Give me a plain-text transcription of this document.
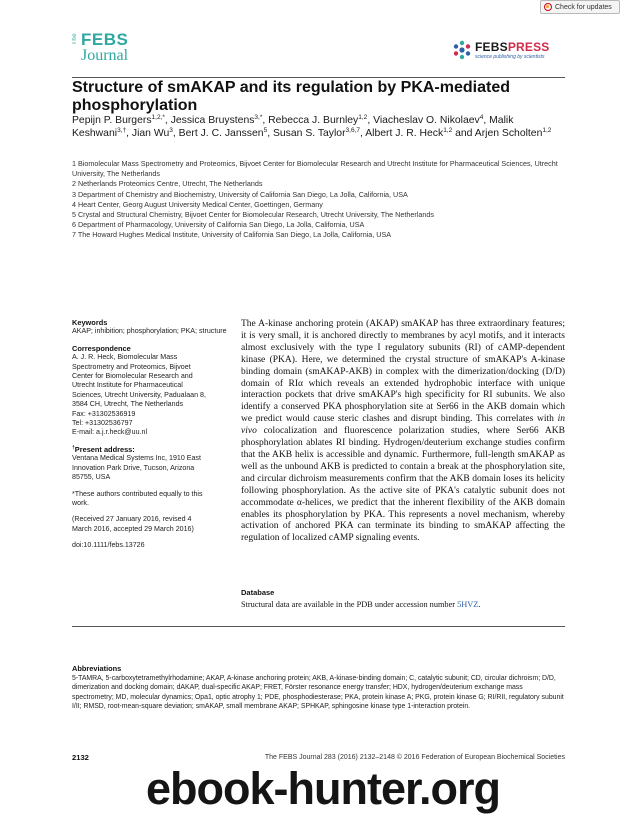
Check for updates
The FEBS
Journal	FEBSPRESS
science publishing by scientists
Structure of smAKAP and its regulation by PKA-mediated phosphorylation
Pepijn P. Burgers$^{1,2,*}$, Jessica Bruystens$^{3,*}$, Rebecca J. Burnley$^{1,2}$, Viacheslav O. Nikolaev$^4$, Malik Keshwani$^{3,\dagger}$, Jian Wu$^3$, Bert J. C. Janssen$^5$, Susan S. Taylor$^{3,6,7}$, Albert J. R. Heck$^{1,2}$ and Arjen Scholten$^{1,2}$
1 Biomolecular Mass Spectrometry and Proteomics, Bijvoet Center for Biomolecular Research and Utrecht Institute for Pharmaceutical Sciences, Utrecht University, The Netherlands
2 Netherlands Proteomics Centre, Utrecht, The Netherlands
3 Department of Chemistry and Biochemistry, University of California San Diego, La Jolla, California, USA
4 Heart Center, Georg August University Medical Center, Goettingen, Germany
5 Crystal and Structural Chemistry, Bijvoet Center for Biomolecular Research, Utrecht University, The Netherlands
6 Department of Pharmacology, University of California San Diego, La Jolla, California, USA
7 The Howard Hughes Medical Institute, University of California San Diego, La Jolla, California, USA
Keywords
AKAP; inhibition; phosphorylation; PKA; structure
Correspondence
A. J. R. Heck, Biomolecular Mass
Spectrometry and Proteomics, Bijvoet
Center for Biomolecular Research and
Utrecht Institute for Pharmaceutical
Sciences, Utrecht University, Padualaan 8,
3584 CH, Utrecht, The Netherlands
Fax: +31302536919
Tel: +31302536797
E-mail: a.j.r.heck@uu.nl
†Present address:
Ventana Medical Systems Inc, 1910 East
Innovation Park Drive, Tucson, Arizona
85755, USA
*These authors contributed equally to this
work.
(Received 27 January 2016, revised 4
March 2016, accepted 29 March 2016)
doi:10.1111/febs.13726
The A-kinase anchoring protein (AKAP) smAKAP has three extraordinary features; it is very small, it is anchored directly to membranes by acyl motifs, and it interacts almost exclusively with the type I regulatory subunits (RI) of cAMP-dependent kinase (PKA). Here, we determined the crystal structure of smAKAP's A-kinase binding domain (smAKAP-AKB) in complex with the dimerization/docking (D/D) domain of RIα which reveals an extended hydrophobic interface with unique interaction pockets that drive smAKAP's high specificity for RI subunits. We also identify a conserved PKA phosphorylation site at Ser66 in the AKB domain which we predict would cause steric clashes and disrupt binding. This correlates with in vivo colocalization and fluorescence polarization studies, where Ser66 AKB phosphorylation ablates RI binding. Hydrogen/deuterium exchange studies confirm that the AKB helix is accessible and dynamic. Furthermore, full-length smAKAP as well as the unbound AKB is predicted to contain a break at the phosphorylation site, and circular dichroism measurements confirm that the AKB domain loses its helicity following phosphorylation. As the active site of PKA's catalytic subunit does not accommodate α-helices, we predict that the inherent flexibility of the AKB domain enables its phosphorylation by PKA. This represents a novel mechanism, whereby activation of anchored PKA can terminate its binding to smAKAP affecting the regulation of localized cAMP signaling events.
Database
Structural data are available in the PDB under accession number 5HVZ.
Abbreviations
5-TAMRA, 5-carboxytetramethylrhodamine; AKAP, A-kinase anchoring protein; AKB, A-kinase-binding domain; C, catalytic subunit; CD, circular dichroism; D/D, dimerization and docking domain; dAKAP, dual-specific AKAP; FRET, Förster resonance energy transfer; HDX, hydrogen/deuterium exchange mass spectrometry; MD, molecular dynamics; Opa1, optic atrophy 1; PDE, phosphodiesterase; PKA, protein kinase A; PKG, protein kinase G; RI/RII, regulatory subunit I/II; RMSD, root-mean-square deviation; smAKAP, small membrane AKAP; SPHKAP, sphingosine kinase type 1-interaction protein.
2132	The FEBS Journal 283 (2016) 2132–2148 © 2016 Federation of European Biochemical Societies
ebook-hunter.org
